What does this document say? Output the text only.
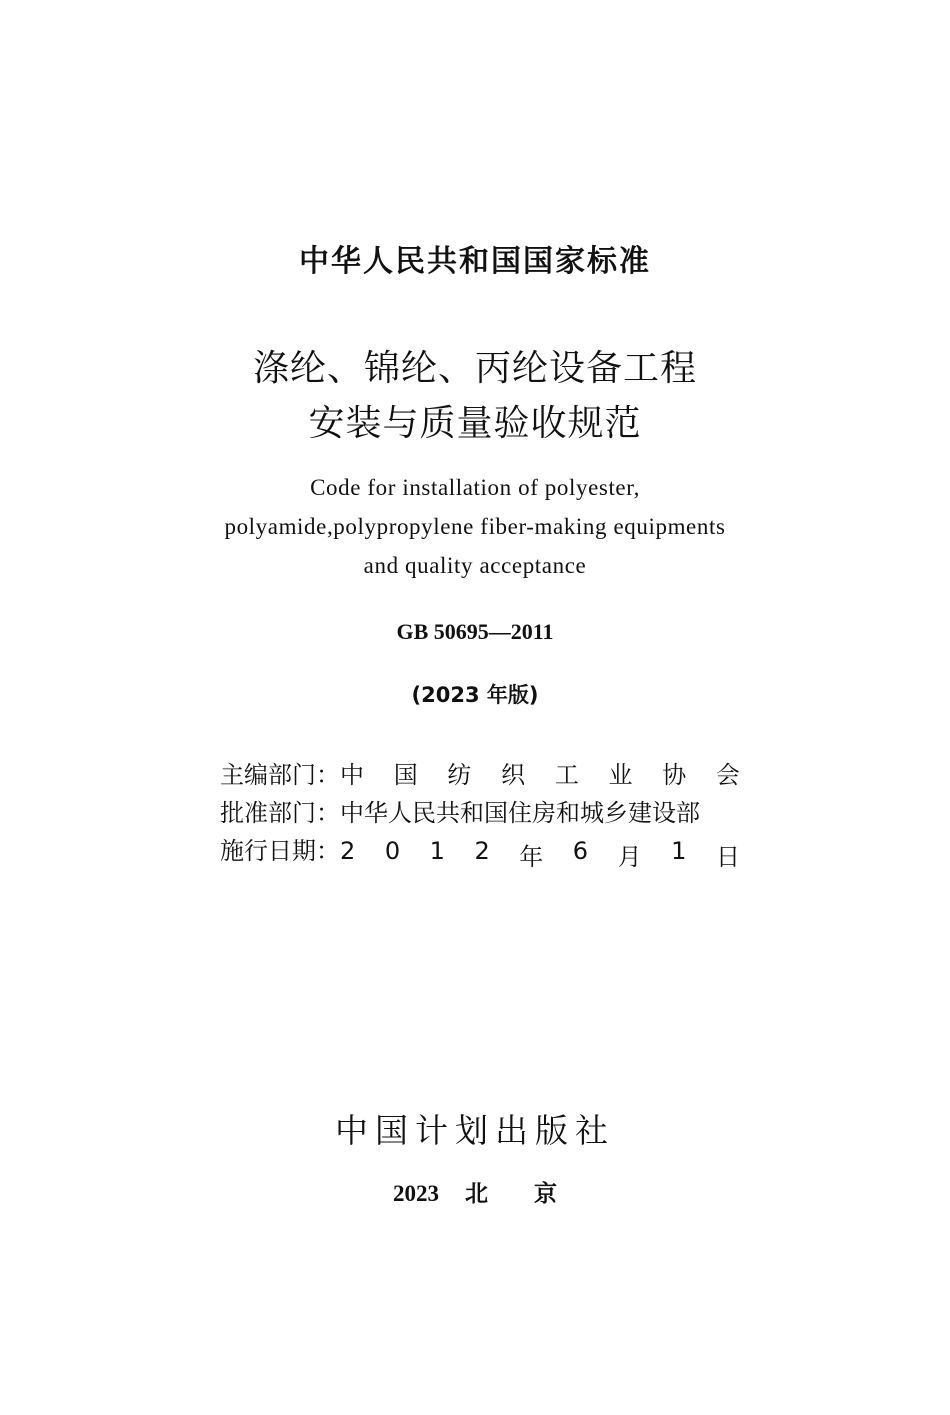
中华人民共和国国家标准
涤纶、锦纶、丙纶设备工程
安装与质量验收规范
Code for installation of polyester,
polyamide,polypropylene fiber-making equipments
and quality acceptance
GB 50695—2011
(2023 年版)
主编部门： 中 国 纺 织 工 业 协 会
批准部门： 中华人民共和国住房和城乡建设部
施行日期： 2 0 1 2 年 6 月 1 日
中国计划出版社
2023 北 京
